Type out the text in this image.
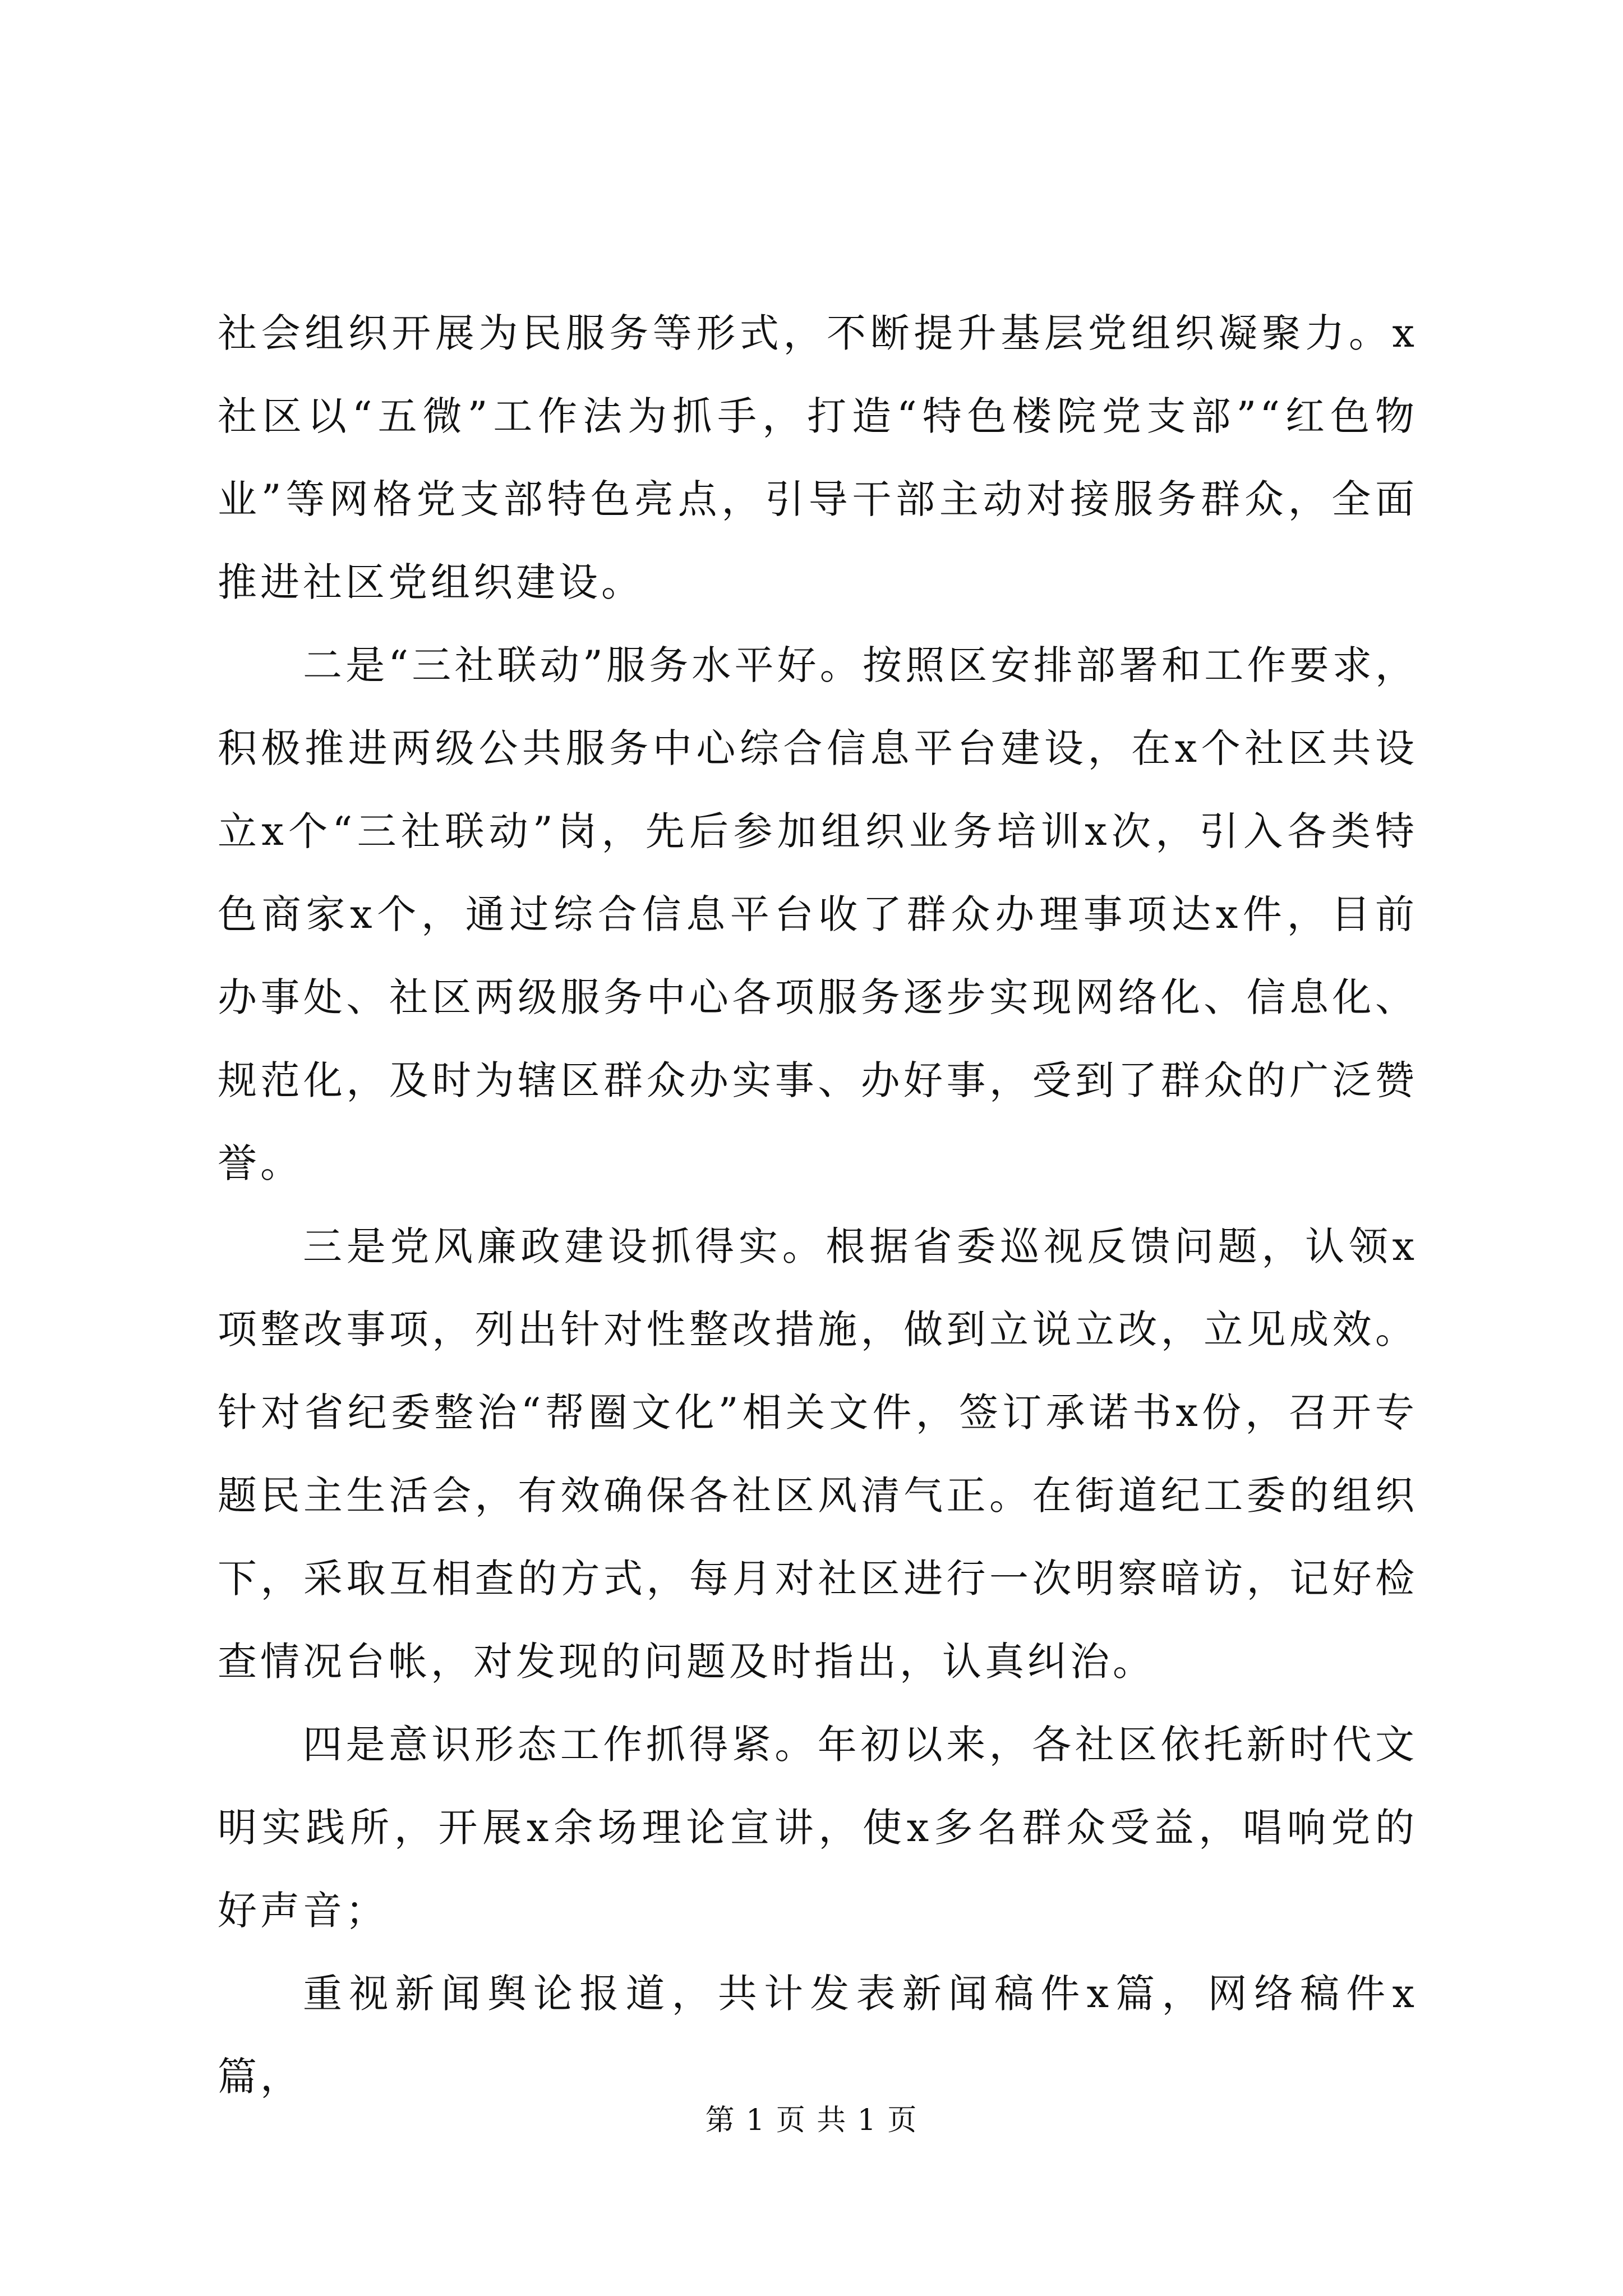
社会组织开展为民服务等形式，不断提升基层党组织凝聚力。x社区以“五微”工作法为抓手，打造“特色楼院党支部”“红色物业”等网格党支部特色亮点，引导干部主动对接服务群众，全面推进社区党组织建设。

二是“三社联动”服务水平好。按照区安排部署和工作要求，积极推进两级公共服务中心综合信息平台建设，在x个社区共设立x个“三社联动”岗，先后参加组织业务培训x次，引入各类特色商家x个，通过综合信息平台收了群众办理事项达x件，目前办事处、社区两级服务中心各项服务逐步实现网络化、信息化、规范化，及时为辖区群众办实事、办好事，受到了群众的广泛赞誉。

三是党风廉政建设抓得实。根据省委巡视反馈问题，认领x项整改事项，列出针对性整改措施，做到立说立改，立见成效。针对省纪委整治“帮圈文化”相关文件，签订承诺书x份，召开专题民主生活会，有效确保各社区风清气正。在街道纪工委的组织下，采取互相查的方式，每月对社区进行一次明察暗访，记好检查情况台帐，对发现的问题及时指出，认真纠治。

四是意识形态工作抓得紧。年初以来，各社区依托新时代文明实践所，开展x余场理论宣讲，使x多名群众受益，唱响党的好声音；

重视新闻舆论报道，共计发表新闻稿件x篇，网络稿件x篇，

第 1 页 共 1 页
